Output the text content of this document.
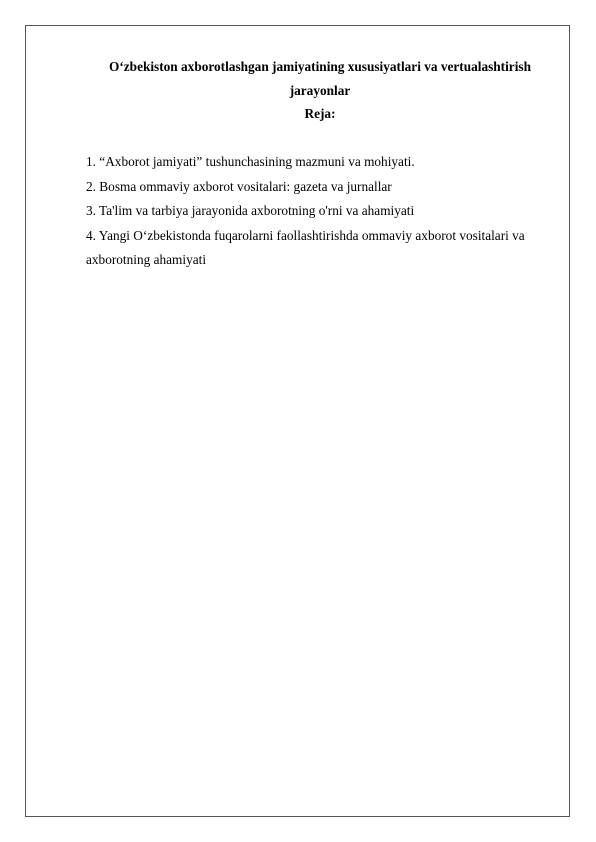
O‘zbekiston axborotlashgan jamiyatining xususiyatlari va vertualashtirish jarayonlar
Reja:
1. “Axborot jamiyati” tushunchasining mazmuni va mohiyati.
2. Bosma ommaviy axborot vositalari: gazeta va jurnallar
3. Ta'lim va tarbiya jarayonida axborotning o'rni va ahamiyati
4. Yangi O‘zbekistonda fuqarolarni faollashtirishda ommaviy axborot vositalari va axborotning ahamiyati
